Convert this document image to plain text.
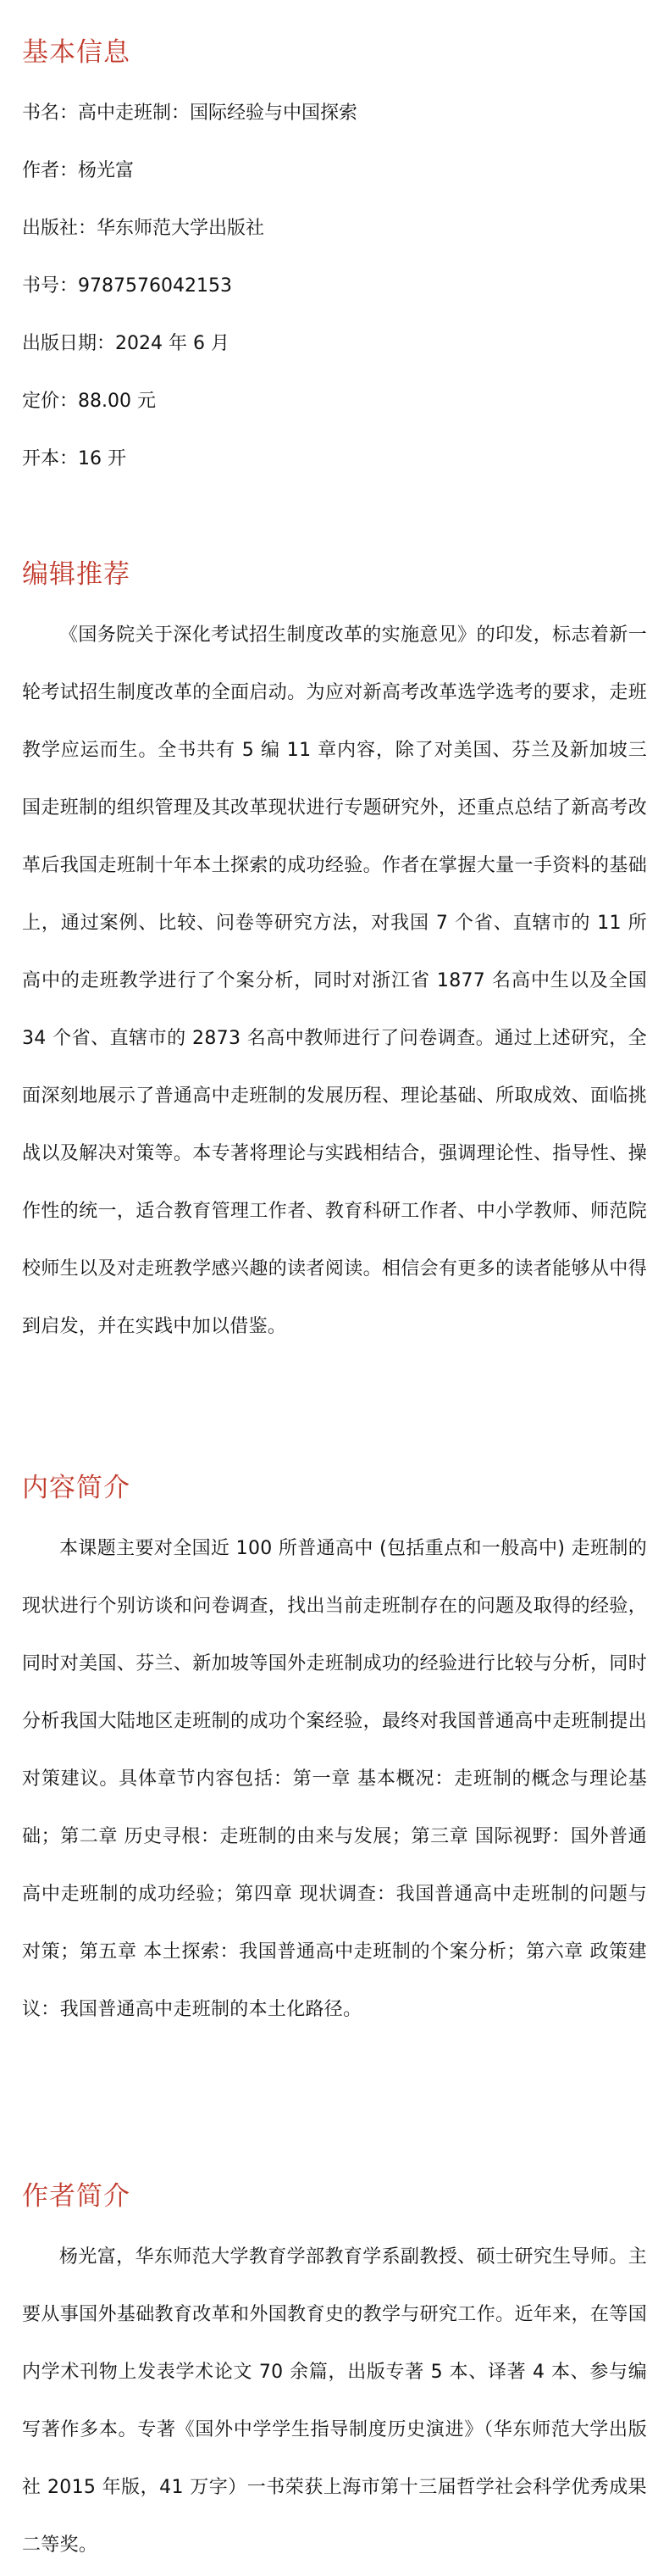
基本信息

书名：高中走班制：国际经验与中国探索

作者：杨光富

出版社：华东师范大学出版社

书号：9787576042153

出版日期：2024 年 6 月

定价：88.00 元

开本：16 开

编辑推荐

《国务院关于深化考试招生制度改革的实施意见》的印发，标志着新一轮考试招生制度改革的全面启动。为应对新高考改革选学选考的要求，走班教学应运而生。全书共有 5 编 11 章内容，除了对美国、芬兰及新加坡三国走班制的组织管理及其改革现状进行专题研究外，还重点总结了新高考改革后我国走班制十年本土探索的成功经验。作者在掌握大量一手资料的基础上，通过案例、比较、问卷等研究方法，对我国 7 个省、直辖市的 11 所高中的走班教学进行了个案分析，同时对浙江省 1877 名高中生以及全国 34 个省、直辖市的 2873 名高中教师进行了问卷调查。通过上述研究，全面深刻地展示了普通高中走班制的发展历程、理论基础、所取成效、面临挑战以及解决对策等。本专著将理论与实践相结合，强调理论性、指导性、操作性的统一，适合教育管理工作者、教育科研工作者、中小学教师、师范院校师生以及对走班教学感兴趣的读者阅读。相信会有更多的读者能够从中得到启发，并在实践中加以借鉴。

内容简介

本课题主要对全国近 100 所普通高中 (包括重点和一般高中) 走班制的现状进行个别访谈和问卷调查，找出当前走班制存在的问题及取得的经验，同时对美国、芬兰、新加坡等国外走班制成功的经验进行比较与分析，同时分析我国大陆地区走班制的成功个案经验，最终对我国普通高中走班制提出对策建议。具体章节内容包括：第一章 基本概况：走班制的概念与理论基础；第二章 历史寻根：走班制的由来与发展；第三章 国际视野：国外普通高中走班制的成功经验；第四章 现状调查：我国普通高中走班制的问题与对策；第五章 本土探索：我国普通高中走班制的个案分析；第六章 政策建议：我国普通高中走班制的本土化路径。

作者简介

杨光富，华东师范大学教育学部教育学系副教授、硕士研究生导师。主要从事国外基础教育改革和外国教育史的教学与研究工作。近年来，在等国内学术刊物上发表学术论文 70 余篇，出版专著 5 本、译著 4 本、参与编写著作多本。专著《国外中学学生指导制度历史演进》（华东师范大学出版社 2015 年版，41 万字）一书荣获上海市第十三届哲学社会科学优秀成果二等奖。
